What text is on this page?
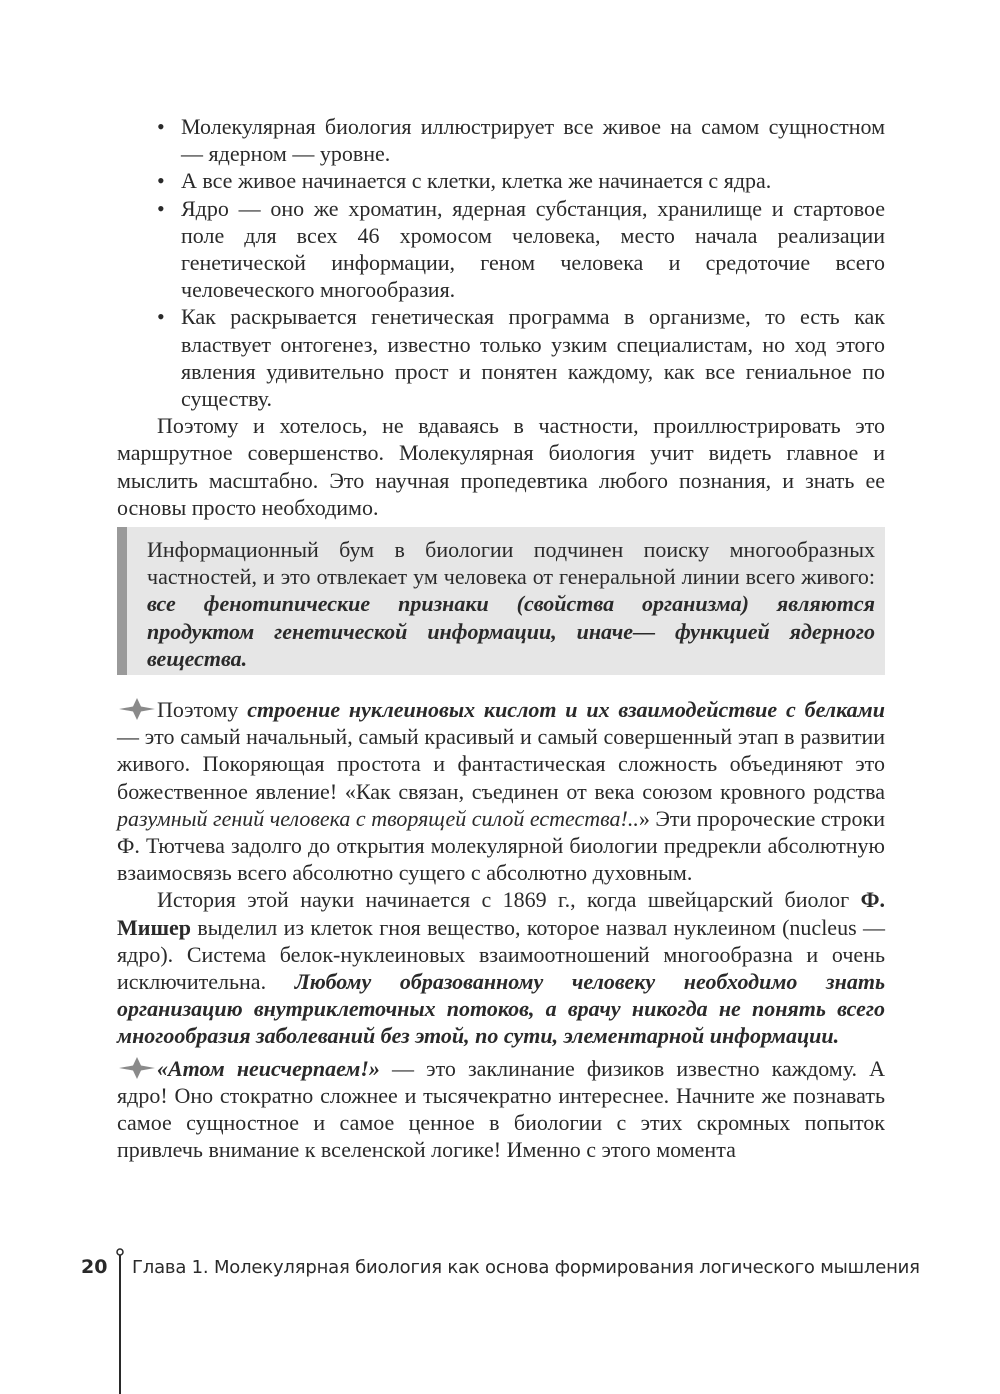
• Молекулярная биология иллюстрирует все живое на самом сущностном — ядерном — уровне.
• А все живое начинается с клетки, клетка же начинается с ядра.
• Ядро — оно же хроматин, ядерная субстанция, хранилище и стартовое поле для всех 46 хромосом человека, место начала реализации генетической информации, геном человека и средоточие всего человеческого многообразия.
• Как раскрывается генетическая программа в организме, то есть как властвует онтогенез, известно только узким специалистам, но ход этого явления удивительно прост и понятен каждому, как все гениальное по существу.

Поэтому и хотелось, не вдаваясь в частности, проиллюстрировать это маршрутное совершенство. Молекулярная биология учит видеть главное и мыслить масштабно. Это научная пропедевтика любого познания, и знать ее основы просто необходимо.

Информационный бум в биологии подчинен поиску многообразных частностей, и это отвлекает ум человека от генеральной линии всего живого: все фенотипические признаки (свойства организма) являются продуктом генетической информации, иначе— функцией ядерного вещества.

Поэтому строение нуклеиновых кислот и их взаимодействие с белками — это самый начальный, самый красивый и самый совершенный этап в развитии живого. Покоряющая простота и фантастическая сложность объединяют это божественное явление! «Как связан, съединен от века союзом кровного родства разумный гений человека с творящей силой естества!..» Эти пророческие строки Ф. Тютчева задолго до открытия молекулярной биологии предрекли абсолютную взаимосвязь всего абсолютно сущего с абсолютно духовным.

История этой науки начинается с 1869 г., когда швейцарский биолог Ф. Мишер выделил из клеток гноя вещество, которое назвал нуклеином (nucleus — ядро). Система белок-нуклеиновых взаимоотношений многообразна и очень исключительна. Любому образованному человеку необходимо знать организацию внутриклеточных потоков, а врачу никогда не понять всего многообразия заболеваний без этой, по сути, элементарной информации.

«Атом неисчерпаем!» — это заклинание физиков известно каждому. А ядро! Оно стократно сложнее и тысячекратно интереснее. Начните же познавать самое сущностное и самое ценное в биологии с этих скромных попыток привлечь внимание к вселенской логике! Именно с этого момента

20 Глава 1. Молекулярная биология как основа формирования логического мышления
